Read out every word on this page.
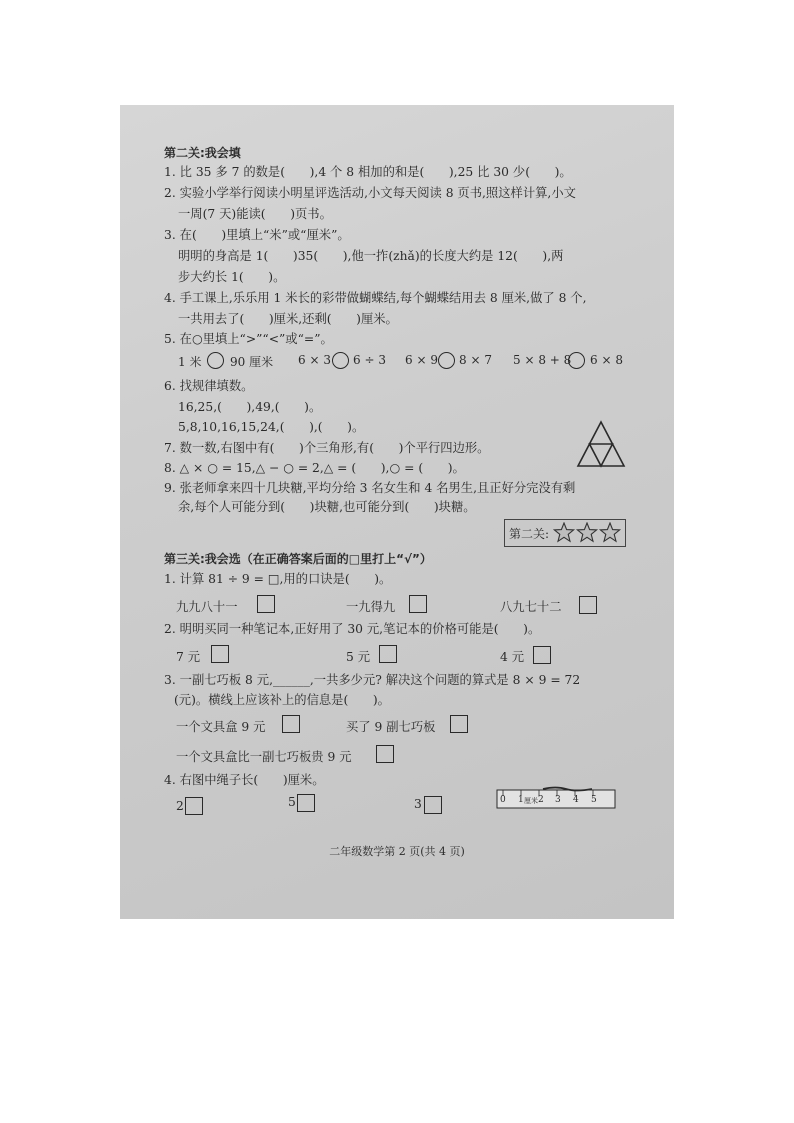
第二关:我会填
1. 比 35 多 7 的数是(　　),4 个 8 相加的和是(　　),25 比 30 少(　　)。
2. 实验小学举行阅读小明星评选活动,小文每天阅读 8 页书,照这样计算,小文
一周(7 天)能读(　　)页书。
3. 在(　　)里填上“米”或“厘米”。
明明的身高是 1(　　)35(　　),他一拃(zhǎ)的长度大约是 12(　　),两
步大约长 1(　　)。
4. 手工课上,乐乐用 1 米长的彩带做蝴蝶结,每个蝴蝶结用去 8 厘米,做了 8 个,
一共用去了(　　)厘米,还剩(　　)厘米。
5. 在○里填上“>”“<”或“=”。
1 米 90 厘米 6 × 3 6 ÷ 3 6 × 9 8 × 7 5 × 8 + 8 6 × 8
6. 找规律填数。
16,25,(　　),49,(　　)。
5,8,10,16,15,24,(　　),(　　)。
7. 数一数,右图中有(　　)个三角形,有(　　)个平行四边形。
8. △ × ○ = 15,△ − ○ = 2,△ = (　　),○ = (　　)。
9. 张老师拿来四十几块糖,平均分给 3 名女生和 4 名男生,且正好分完没有剩
余,每个人可能分到(　　)块糖,也可能分到(　　)块糖。
第二关:
第三关:我会选（在正确答案后面的□里打上“√”）
1. 计算 81 ÷ 9 = □,用的口诀是(　　)。
九九八十一	一九得九	八九七十二
2. 明明买同一种笔记本,正好用了 30 元,笔记本的价格可能是(　　)。
7 元	5 元	4 元
3. 一副七巧板 8 元,______,一共多少元? 解决这个问题的算式是 8 × 9 = 72
(元)。横线上应该补上的信息是(　　)。
一个文具盒 9 元	买了 9 副七巧板
一个文具盒比一副七巧板贵 9 元
4. 右图中绳子长(　　)厘米。
2	5	3	0 1 厘米 2 3 4 5
二年级数学第 2 页(共 4 页)
